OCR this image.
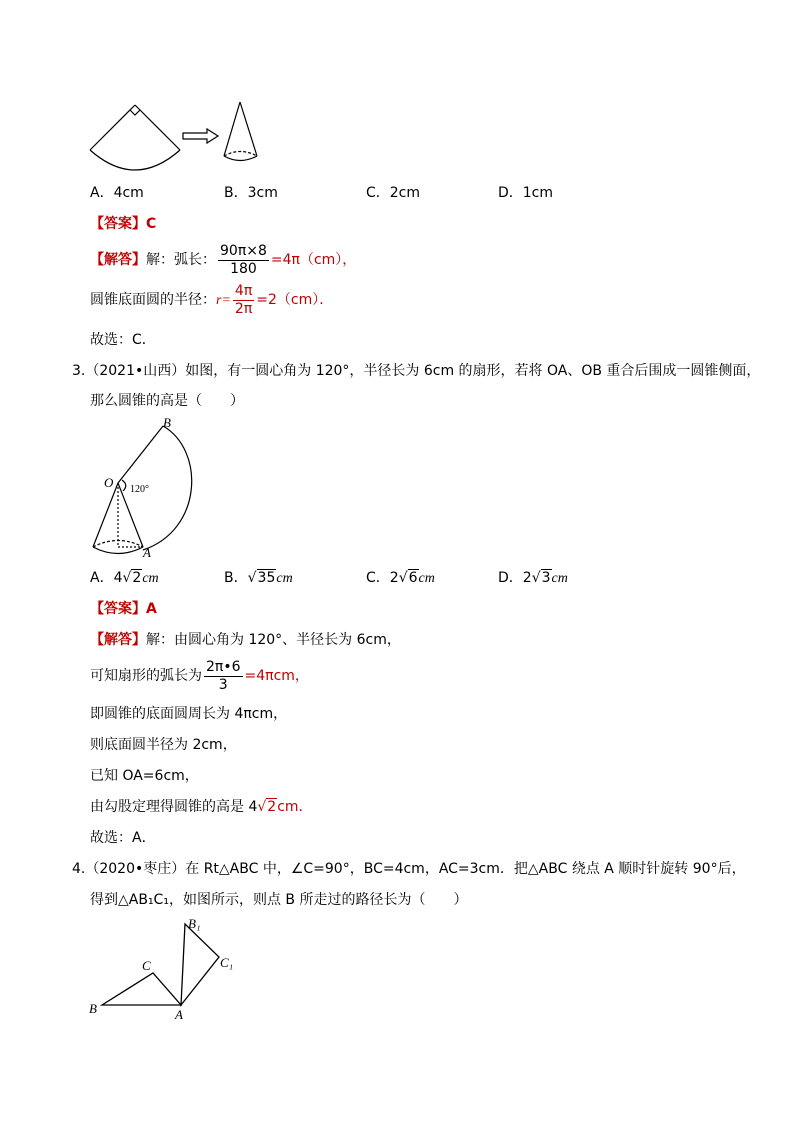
A．4cm	B．3cm	C．2cm	D．1cm
【答案】C
【解答】解：弧长： $\frac{90\pi\times 8}{180} =4\pi(cm)$，
圆锥底面圆的半径：$r= \frac{4\pi}{2\pi} =2(cm)$．
故选：C．
3.（2021•山西）如图，有一圆心角为 120°，半径长为 6cm 的扇形，若将 OA、OB 重合后围成一圆锥侧面，
那么圆锥的高是（　　）
B
O
A
120°
A．4√2cm	B．√35cm	C．2√6cm	D．2√3cm
【答案】A
【解答】解：由圆心角为 120°、半径长为 6cm，
可知扇形的弧长为 $\frac{2\pi•6}{3} =4\pi cm$，
即圆锥的底面圆周长为 4πcm，
则底面圆半径为 2cm，
已知 OA=6cm，
由勾股定理得圆锥的高是 4√2cm．
故选：A．
4.（2020•枣庄）在 Rt△ABC 中，∠C=90°，BC=4cm，AC=3cm．把△ABC 绕点 A 顺时针旋转 90°后，
得到△AB₁C₁，如图所示，则点 B 所走过的路径长为（　　）
B
C
A
B₁
C₁
